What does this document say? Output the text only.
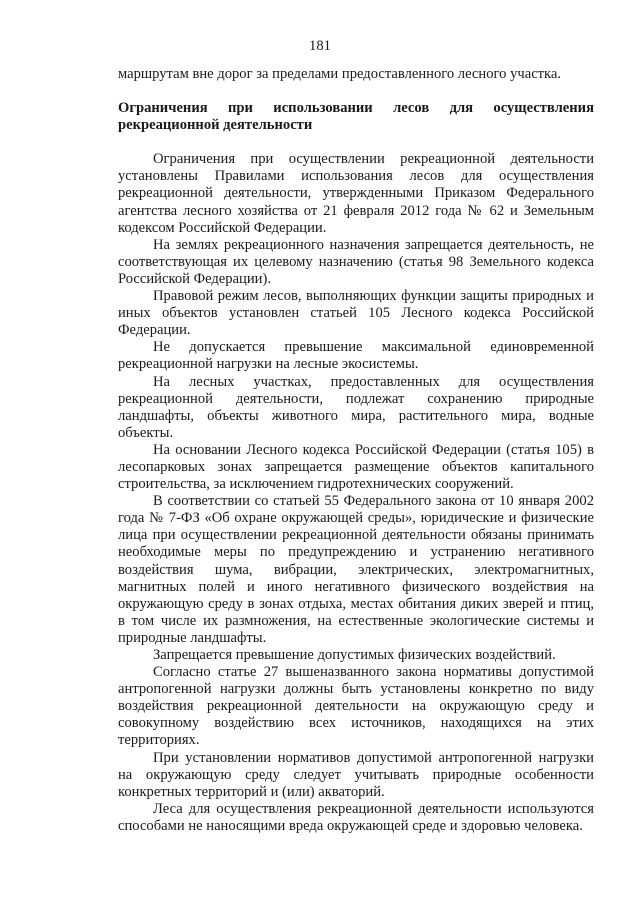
181

маршрутам вне дорог за пределами предоставленного лесного участка.

Ограничения при использовании лесов для осуществления рекреационной деятельности

Ограничения при осуществлении рекреационной деятельности установлены Правилами использования лесов для осуществления рекреационной деятельности, утвержденными Приказом Федерального агентства лесного хозяйства от 21 февраля 2012 года № 62 и Земельным кодексом Российской Федерации.

На землях рекреационного назначения запрещается деятельность, не соответствующая их целевому назначению (статья 98 Земельного кодекса Российской Федерации).

Правовой режим лесов, выполняющих функции защиты природных и иных объектов установлен статьей 105 Лесного кодекса Российской Федерации.

Не допускается превышение максимальной единовременной рекреационной нагрузки на лесные экосистемы.

На лесных участках, предоставленных для осуществления рекреационной деятельности, подлежат сохранению природные ландшафты, объекты животного мира, растительного мира, водные объекты.

На основании Лесного кодекса Российской Федерации (статья 105) в лесопарковых зонах запрещается размещение объектов капитального строительства, за исключением гидротехнических сооружений.

В соответствии со статьей 55 Федерального закона от 10 января 2002 года № 7-ФЗ «Об охране окружающей среды», юридические и физические лица при осуществлении рекреационной деятельности обязаны принимать необходимые меры по предупреждению и устранению негативного воздействия шума, вибрации, электрических, электромагнитных, магнитных полей и иного негативного физического воздействия на окружающую среду в зонах отдыха, местах обитания диких зверей и птиц, в том числе их размножения, на естественные экологические системы и природные ландшафты.

Запрещается превышение допустимых физических воздействий.

Согласно статье 27 вышеназванного закона нормативы допустимой антропогенной нагрузки должны быть установлены конкретно по виду воздействия рекреационной деятельности на окружающую среду и совокупному воздействию всех источников, находящихся на этих территориях.

При установлении нормативов допустимой антропогенной нагрузки на окружающую среду следует учитывать природные особенности конкретных территорий и (или) акваторий.

Леса для осуществления рекреационной деятельности используются способами не наносящими вреда окружающей среде и здоровью человека.
